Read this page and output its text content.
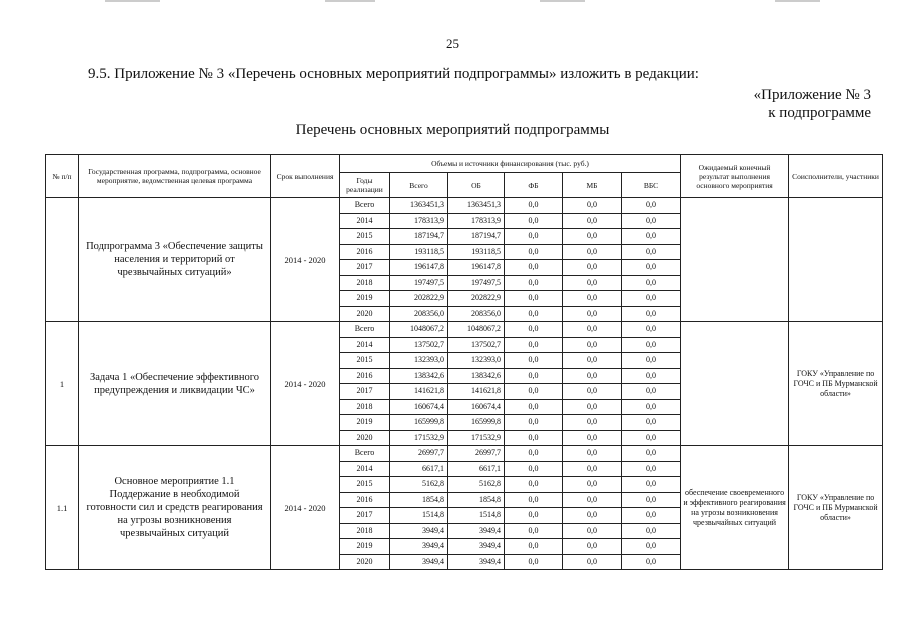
25
9.5. Приложение № 3 «Перечень основных мероприятий подпрограммы» изложить в редакции:
«Приложение № 3
к подпрограмме
Перечень основных мероприятий подпрограммы
№ п/п	Государственная программа, подпрограмма, основное мероприятие, ведомственная целевая программа	Срок выполнения	Объемы и источники финансирования (тыс. руб.)						Ожидаемый конечный результат выполнения основного мероприятия	Соисполнители, участники
			Годы реализации	Всего	ОБ	ФБ	МБ	ВБС		
	Подпрограмма 3 «Обеспечение защиты населения и территорий от чрезвычайных ситуаций»	2014 - 2020	Всего	1363451,3	1363451,3	0,0	0,0	0,0		
			2014	178313,9	178313,9	0,0	0,0	0,0		
			2015	187194,7	187194,7	0,0	0,0	0,0		
			2016	193118,5	193118,5	0,0	0,0	0,0		
			2017	196147,8	196147,8	0,0	0,0	0,0		
			2018	197497,5	197497,5	0,0	0,0	0,0		
			2019	202822,9	202822,9	0,0	0,0	0,0		
			2020	208356,0	208356,0	0,0	0,0	0,0		
1	Задача 1 «Обеспечение эффективного предупреждения и ликвидации ЧС»	2014 - 2020	Всего	1048067,2	1048067,2	0,0	0,0	0,0		ГОКУ «Управление по ГОЧС и ПБ Мурманской области»
			2014	137502,7	137502,7	0,0	0,0	0,0		
			2015	132393,0	132393,0	0,0	0,0	0,0		
			2016	138342,6	138342,6	0,0	0,0	0,0		
			2017	141621,8	141621,8	0,0	0,0	0,0		
			2018	160674,4	160674,4	0,0	0,0	0,0		
			2019	165999,8	165999,8	0,0	0,0	0,0		
			2020	171532,9	171532,9	0,0	0,0	0,0		
1.1	Основное мероприятие 1.1 Поддержание в необходимой готовности сил и средств реагирования на угрозы возникновения чрезвычайных ситуаций	2014 - 2020	Всего	26997,7	26997,7	0,0	0,0	0,0	обеспечение своевременного и эффективного реагирования на угрозы возникновения чрезвычайных ситуаций	ГОКУ «Управление по ГОЧС и ПБ Мурманской области»
			2014	6617,1	6617,1	0,0	0,0	0,0		
			2015	5162,8	5162,8	0,0	0,0	0,0		
			2016	1854,8	1854,8	0,0	0,0	0,0		
			2017	1514,8	1514,8	0,0	0,0	0,0		
			2018	3949,4	3949,4	0,0	0,0	0,0		
			2019	3949,4	3949,4	0,0	0,0	0,0		
			2020	3949,4	3949,4	0,0	0,0	0,0		
